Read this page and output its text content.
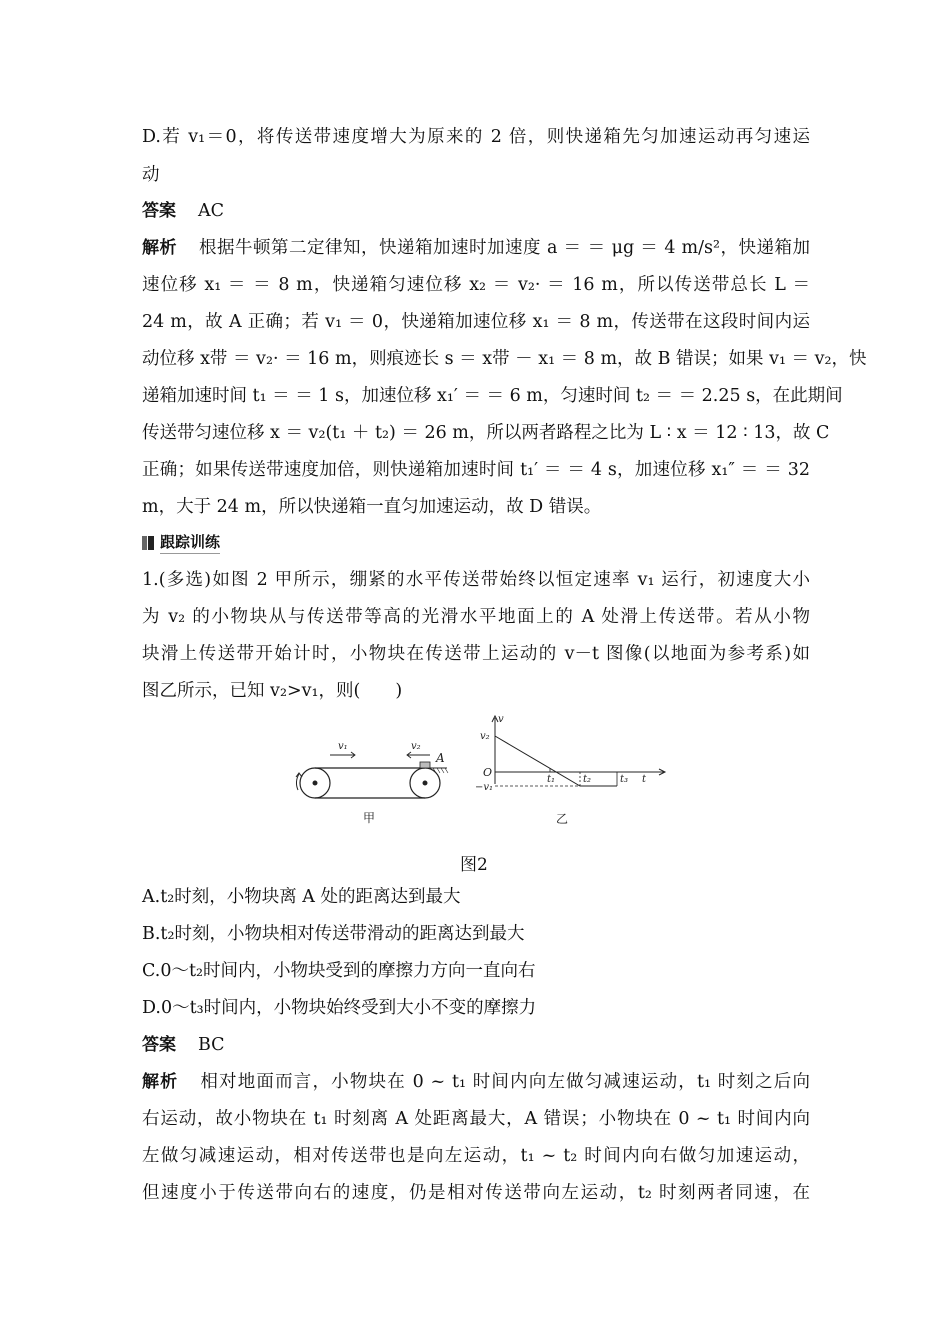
D.若 v₁＝0，将传送带速度增大为原来的 2 倍，则快递箱先匀加速运动再匀速运
动
答案 AC
解析 根据牛顿第二定律知，快递箱加速时加速度 a ＝ ＝ μg ＝ 4 m/s²，快递箱加
速位移 x₁ ＝ ＝ 8 m，快递箱匀速位移 x₂ ＝ v₂· ＝ 16 m，所以传送带总长 L ＝
24 m，故 A 正确；若 v₁ ＝ 0，快递箱加速位移 x₁ ＝ 8 m，传送带在这段时间内运
动位移 x带 ＝ v₂· ＝ 16 m，则痕迹长 s ＝ x带 － x₁ ＝ 8 m，故 B 错误；如果 v₁ ＝ v₂，快
递箱加速时间 t₁ ＝ ＝ 1 s，加速位移 x₁′ ＝ ＝ 6 m，匀速时间 t₂ ＝ ＝ 2.25 s，在此期间
传送带匀速位移 x ＝ v₂(t₁ ＋ t₂) ＝ 26 m，所以两者路程之比为 L ∶ x ＝ 12 ∶ 13，故 C
正确；如果传送带速度加倍，则快递箱加速时间 t₁′ ＝ ＝ 4 s，加速位移 x₁″ ＝ ＝ 32
m，大于 24 m，所以快递箱一直匀加速运动，故 D 错误。
跟踪训练
1.(多选)如图 2 甲所示，绷紧的水平传送带始终以恒定速率 v₁ 运行，初速度大小
为 v₂ 的小物块从与传送带等高的光滑水平地面上的 A 处滑上传送带。若从小物
块滑上传送带开始计时，小物块在传送带上运动的 v－t 图像(以地面为参考系)如
图乙所示，已知 v₂>v₁，则(　　)
v₁	v₂
A
甲
v
v₂
O
−v₁
t₁	t₂	t₃ t
乙
图2
A.t₂时刻，小物块离 A 处的距离达到最大
B.t₂时刻，小物块相对传送带滑动的距离达到最大
C.0～t₂时间内，小物块受到的摩擦力方向一直向右
D.0～t₃时间内，小物块始终受到大小不变的摩擦力
答案 BC
解析 相对地面而言，小物块在 0 ~ t₁ 时间内向左做匀减速运动，t₁ 时刻之后向
右运动，故小物块在 t₁ 时刻离 A 处距离最大，A 错误；小物块在 0 ~ t₁ 时间内向
左做匀减速运动，相对传送带也是向左运动，t₁ ~ t₂ 时间内向右做匀加速运动，
但速度小于传送带向右的速度，仍是相对传送带向左运动，t₂ 时刻两者同速，在
